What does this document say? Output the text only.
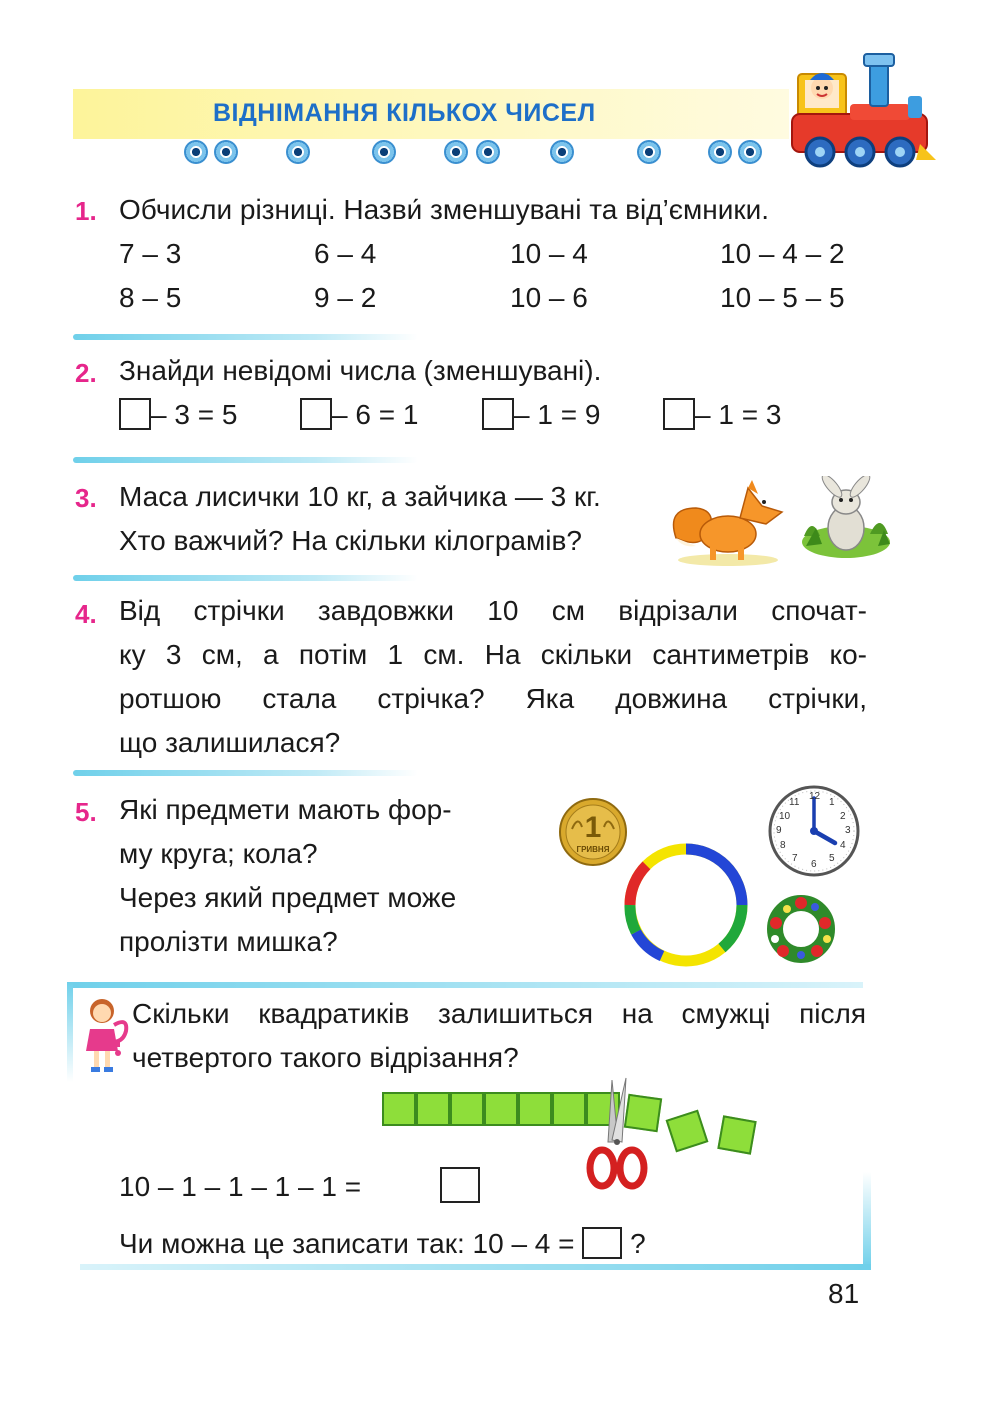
ВІДНІМАННЯ КІЛЬКОХ ЧИСЕЛ
1. Обчисли різниці. Назви́ зменшувані та від’ємники.
7 – 3	6 – 4	10 – 4	10 – 4 – 2
8 – 5	9 – 2	10 – 6	10 – 5 – 5
2. Знайди невідомі числа (зменшувані).
– 3 = 5	– 6 = 1	– 1 = 9	– 1 = 3
3. Маса лисички 10 кг, а зайчика — 3 кг.
Хто важчий? На скільки кілограмів?
4. Від стрічки завдовжки 10 см відрізали спочат-
ку 3 см, а потім 1 см. На скільки сантиметрів ко-
ротшою стала стрічка? Яка довжина стрічки,
що залишилася?
5. Які предмети мають фор-
му круга; кола?
Через який предмет може
пролізти мишка?
1
ГРИВНЯ
12
1
2
3
4
5
6
7
8
9
10
11
Скільки квадратиків залишиться на смужці після
четвертого такого відрізання?
10 – 1 – 1 – 1 – 1 =
Чи можна це записати так: 10 – 4 = ?
81
